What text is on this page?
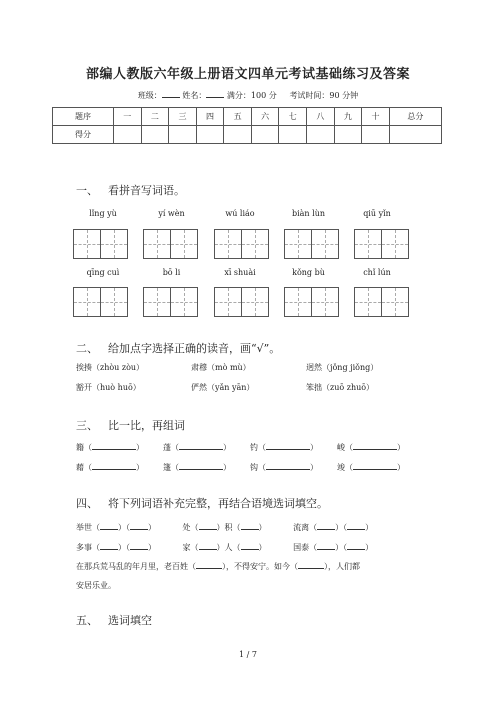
部编人教版六年级上册语文四单元考试基础练习及答案
班级：	姓名：	满分：100 分 考试时间：90 分钟
题序	一	二	三	四	五	六	七	八	九	十	总分
得分											
一、 看拼音写词语。
lǐng yù	yí wèn	wú liáo	biàn lùn	qiū yǐn
qīng cuì	bō li	xī shuài	kǒng bù	chǐ lún
二、 给加点字选择正确的读音，画“√”。
挨揍（zhòu zòu）	肃穆（mò mù）	迥然（jǒng jiǒng）
豁开（huò huō）	俨然（yǎn yān）	笨拙（zuō zhuō）
三、 比一比，再组词
籍（	）	蓬（	）	钓（	）	峻（	）
藉（	）	篷（	）	钩（	）	竣（	）
四、 将下列词语补充完整，再结合语境选词填空。
举世（ ）（ ）	处（ ）积（ ）	流离（ ）（ ）
多事（ ）（ ）	家（ ）人（ ）	国泰（ ）（ ）
在那兵荒马乱的年月里，老百姓（	），不得安宁。如今（	），人们都
安居乐业。
五、 选词填空
1 / 7
